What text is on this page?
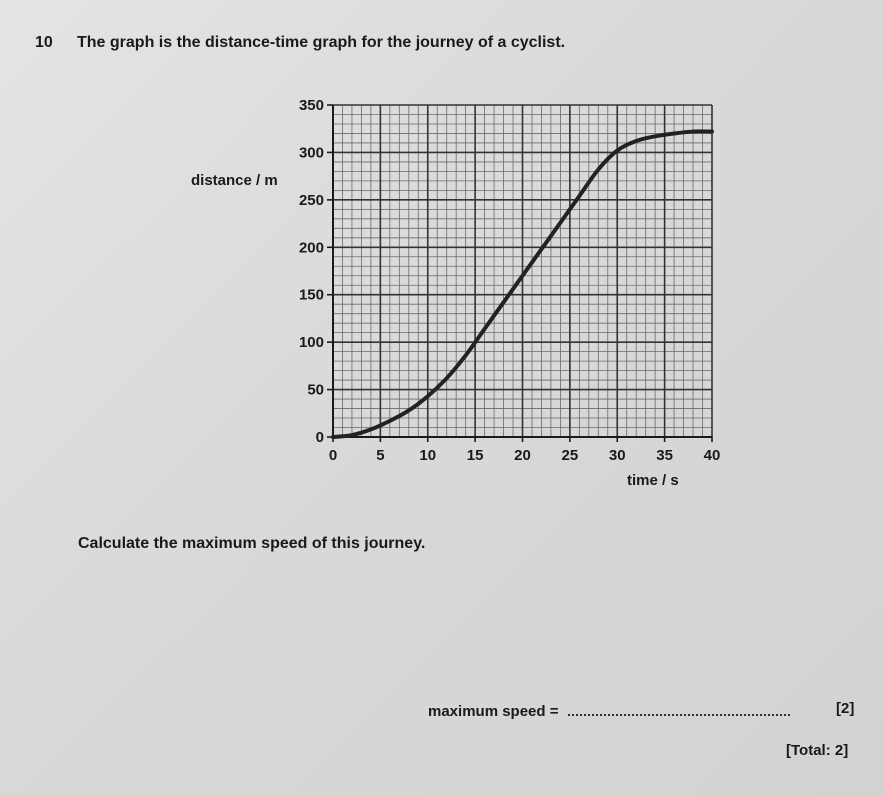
10 The graph is the distance-time graph for the journey of a cyclist.
0
50
100
150
200
250
300
350
0	5 10 15 20 25 30 35 40
distance / m
time / s
Calculate the maximum speed of this journey.
maximum speed =	[2]
[Total: 2]
